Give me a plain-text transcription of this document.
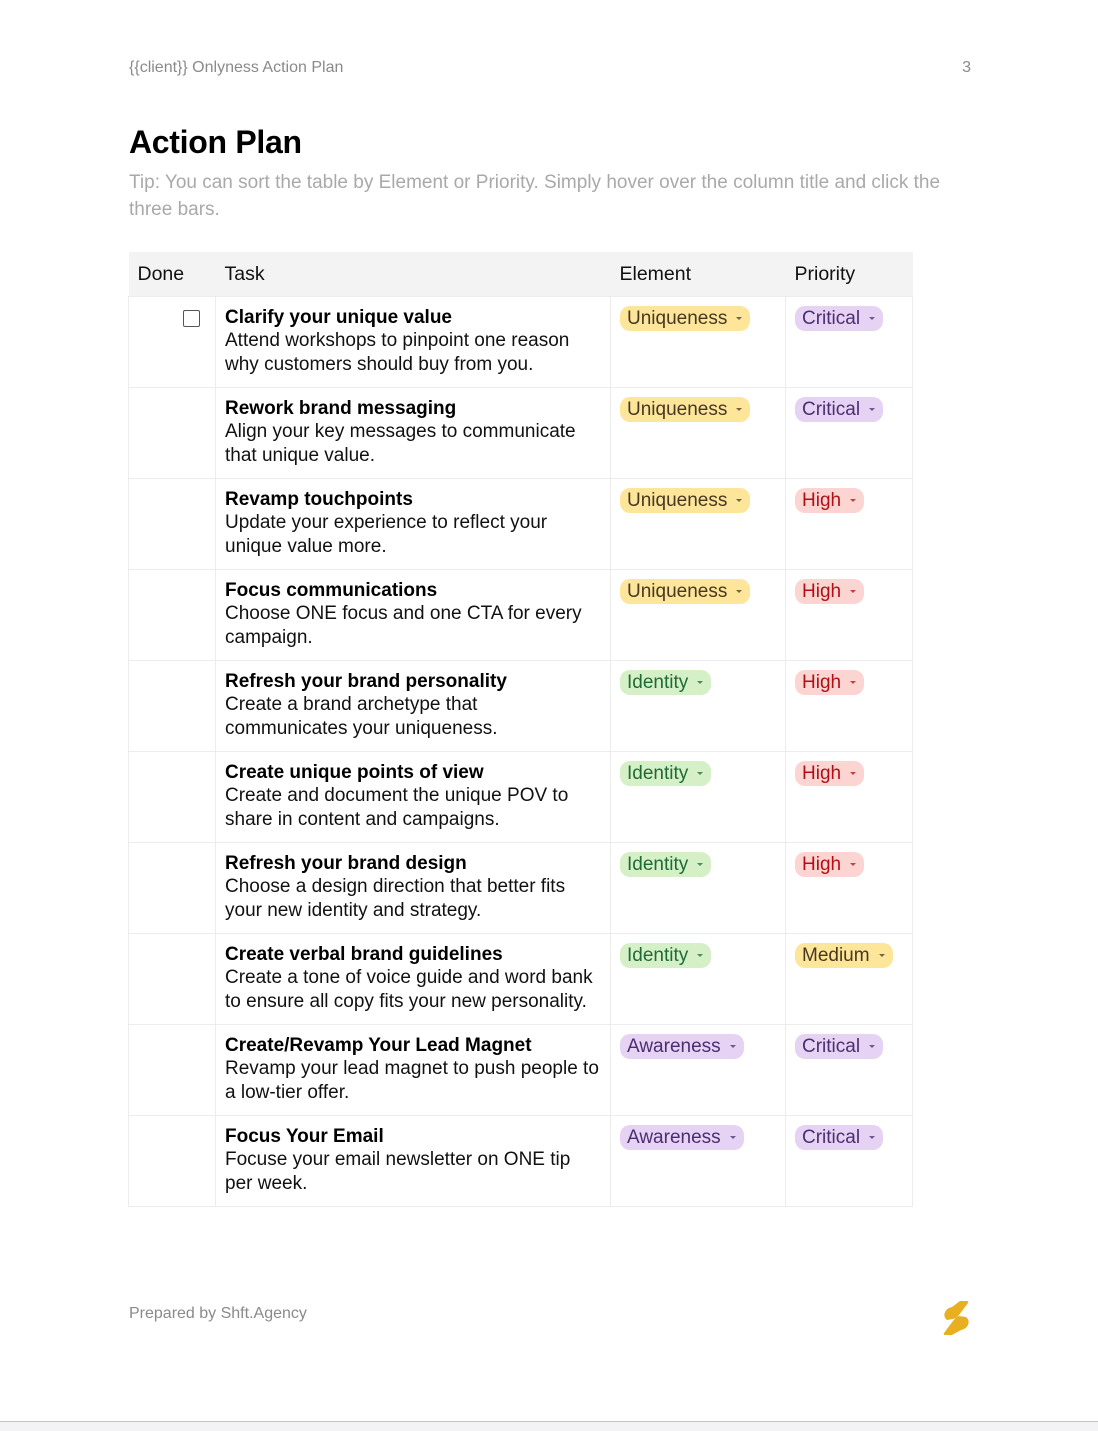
{{client}} Onlyness Action Plan	3
Action Plan
Tip: You can sort the table by Element or Priority. Simply hover over the column title and click the three bars.
Done	Task	Element	Priority

	Clarify your unique value
Attend workshops to pinpoint one reason why customers should buy from you.	Uniqueness	Critical

	Rework brand messaging
Align your key messages to communicate that unique value.	Uniqueness	Critical

	Revamp touchpoints
Update your experience to reflect your unique value more.	Uniqueness	High

	Focus communications
Choose ONE focus and one CTA for every campaign.	Uniqueness	High

	Refresh your brand personality
Create a brand archetype that communicates your uniqueness.	Identity	High

	Create unique points of view
Create and document the unique POV to share in content and campaigns.	Identity	High

	Refresh your brand design
Choose a design direction that better fits your new identity and strategy.	Identity	High

	Create verbal brand guidelines
Create a tone of voice guide and word bank to ensure all copy fits your new personality.	Identity	Medium

	Create/Revamp Your Lead Magnet
Revamp your lead magnet to push people to a low-tier offer.	Awareness	Critical

	Focus Your Email
Focuse your email newsletter on ONE tip per week.	Awareness	Critical
Prepared by Shft.Agency
